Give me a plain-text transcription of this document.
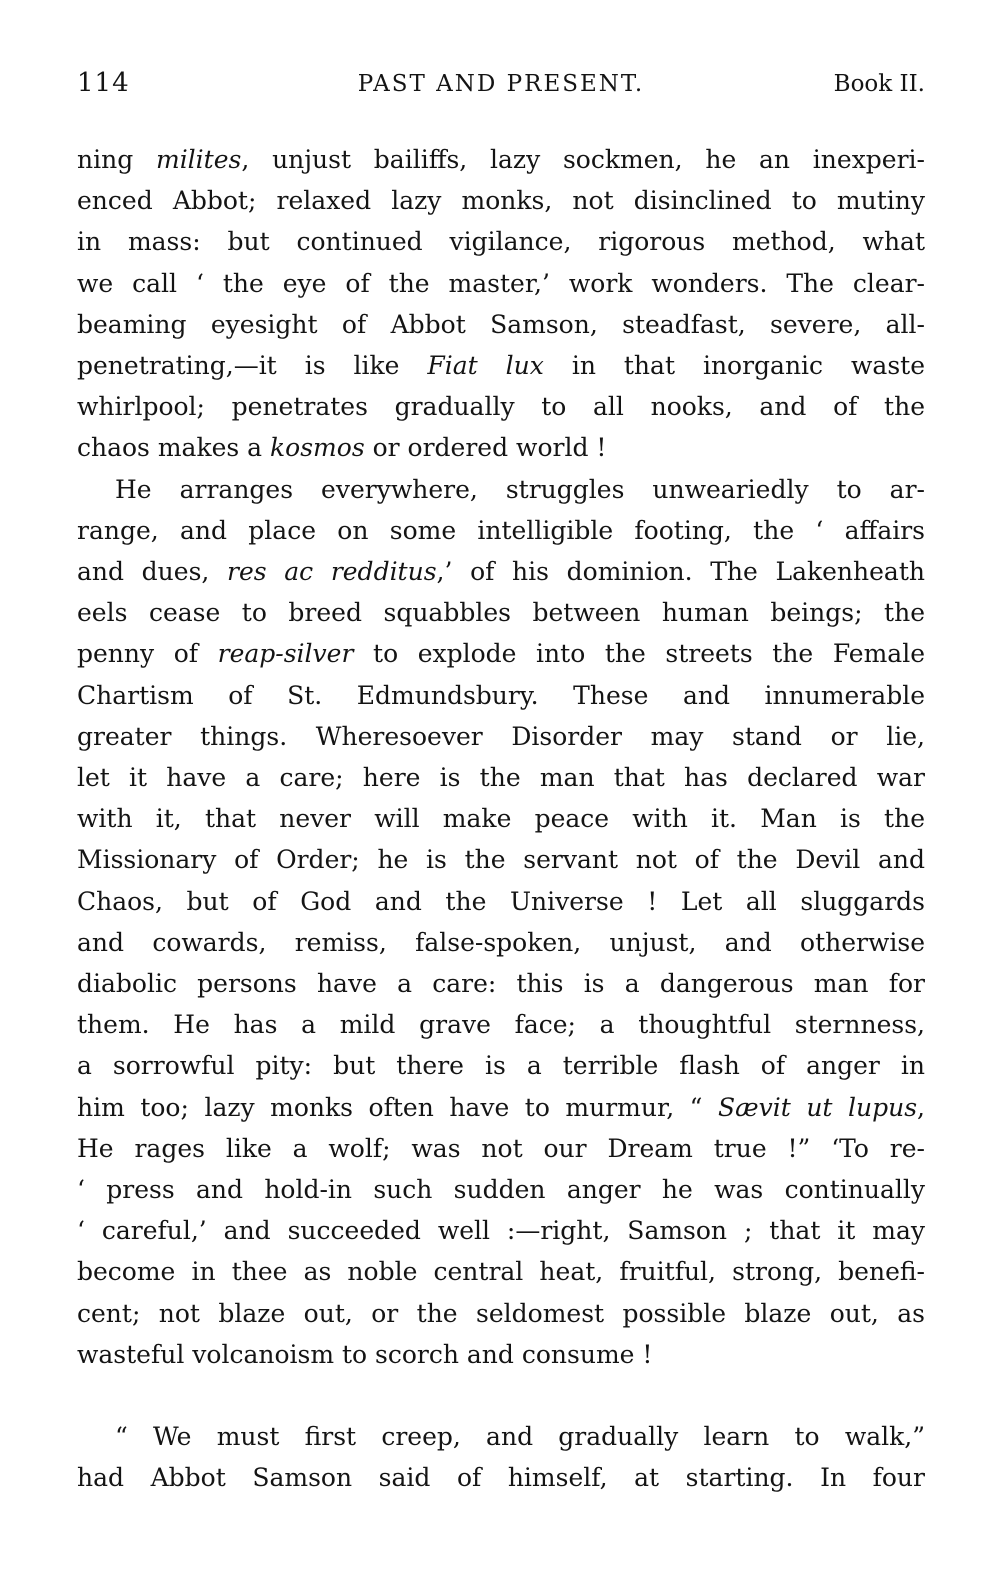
114	PAST AND PRESENT.	Book II.
ning milites, unjust bailiffs, lazy sockmen, he an inexperi-
enced Abbot; relaxed lazy monks, not disinclined to mutiny
in mass: but continued vigilance, rigorous method, what
we call ‘ the eye of the master,’ work wonders. The clear-
beaming eyesight of Abbot Samson, steadfast, severe, all-
penetrating,—it is like Fiat lux in that inorganic waste
whirlpool; penetrates gradually to all nooks, and of the
chaos makes a kosmos or ordered world !
He arranges everywhere, struggles unweariedly to ar-
range, and place on some intelligible footing, the ‘ affairs
and dues, res ac redditus,’ of his dominion. The Lakenheath
eels cease to breed squabbles between human beings; the
penny of reap-silver to explode into the streets the Female
Chartism of St. Edmundsbury. These and innumerable
greater things. Wheresoever Disorder may stand or lie,
let it have a care; here is the man that has declared war
with it, that never will make peace with it. Man is the
Missionary of Order; he is the servant not of the Devil and
Chaos, but of God and the Universe ! Let all sluggards
and cowards, remiss, false-spoken, unjust, and otherwise
diabolic persons have a care: this is a dangerous man for
them. He has a mild grave face; a thoughtful sternness,
a sorrowful pity: but there is a terrible flash of anger in
him too; lazy monks often have to murmur, “ Sævit ut lupus,
He rages like a wolf; was not our Dream true !” ‘To re-
‘ press and hold-in such sudden anger he was continually
‘ careful,’ and succeeded well :—right, Samson ; that it may
become in thee as noble central heat, fruitful, strong, benefi-
cent; not blaze out, or the seldomest possible blaze out, as
wasteful volcanoism to scorch and consume !
“ We must first creep, and gradually learn to walk,”
had Abbot Samson said of himself, at starting. In four
